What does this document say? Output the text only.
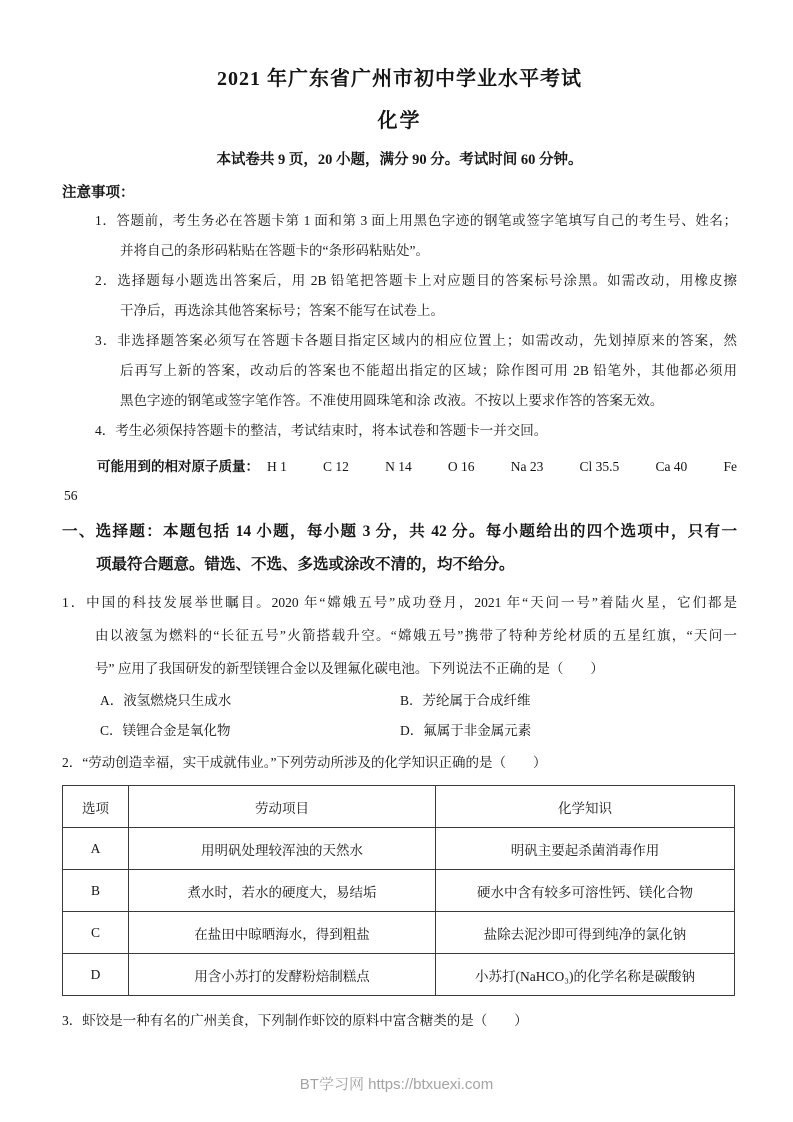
2021 年广东省广州市初中学业水平考试
化学
本试卷共 9 页，20 小题，满分 90 分。考试时间 60 分钟。
注意事项：
1．答题前，考生务必在答题卡第 1 面和第 3 面上用黑色字迹的钢笔或签字笔填写自己的考生号、姓名；
并将自己的条形码粘贴在答题卡的“条形码粘贴处”。
2．选择题每小题选出答案后，用 2B 铅笔把答题卡上对应题目的答案标号涂黑。如需改动，用橡皮擦
干净后，再选涂其他答案标号；答案不能写在试卷上。
3．非选择题答案必须写在答题卡各题目指定区域内的相应位置上；如需改动，先划掉原来的答案，然
后再写上新的答案，改动后的答案也不能超出指定的区域；除作图可用 2B 铅笔外，其他都必须用
黑色字迹的钢笔或签字笔作答。不准使用圆珠笔和涂 改液。不按以上要求作答的答案无效。
4．考生必须保持答题卡的整洁，考试结束时，将本试卷和答题卡一并交回。
可能用到的相对原子质量： H 1	C 12	N 14	O 16	Na 23	Cl 35.5	Ca 40	Fe
56
一、选择题：本题包括 14 小题，每小题 3 分，共 42 分。每小题给出的四个选项中，只有一
项最符合题意。错选、不选、多选或涂改不清的，均不给分。
1．中国的科技发展举世瞩目。2020 年“嫦娥五号”成功登月，2021 年“天问一号”着陆火星，它们都是
由以液氢为燃料的“长征五号”火箭搭载升空。“嫦娥五号”携带了特种芳纶材质的五星红旗，“天问一
号” 应用了我国研发的新型镁锂合金以及锂氟化碳电池。下列说法不正确的是（　　）
A．液氢燃烧只生成水	B．芳纶属于合成纤维
C．镁锂合金是氧化物	D．氟属于非金属元素
2．“劳动创造幸福，实干成就伟业。”下列劳动所涉及的化学知识正确的是（　　）
选项	劳动项目	化学知识
A	用明矾处理较浑浊的天然水	明矾主要起杀菌消毒作用
B	煮水时，若水的硬度大，易结垢	硬水中含有较多可溶性钙、镁化合物
C	在盐田中晾晒海水，得到粗盐	盐除去泥沙即可得到纯净的氯化钠
D	用含小苏打的发酵粉焙制糕点	小苏打(NaHCO₃)的化学名称是碳酸钠
3．虾饺是一种有名的广州美食，下列制作虾饺的原料中富含糖类的是（　　）
BT学习网 https://btxuexi.com
